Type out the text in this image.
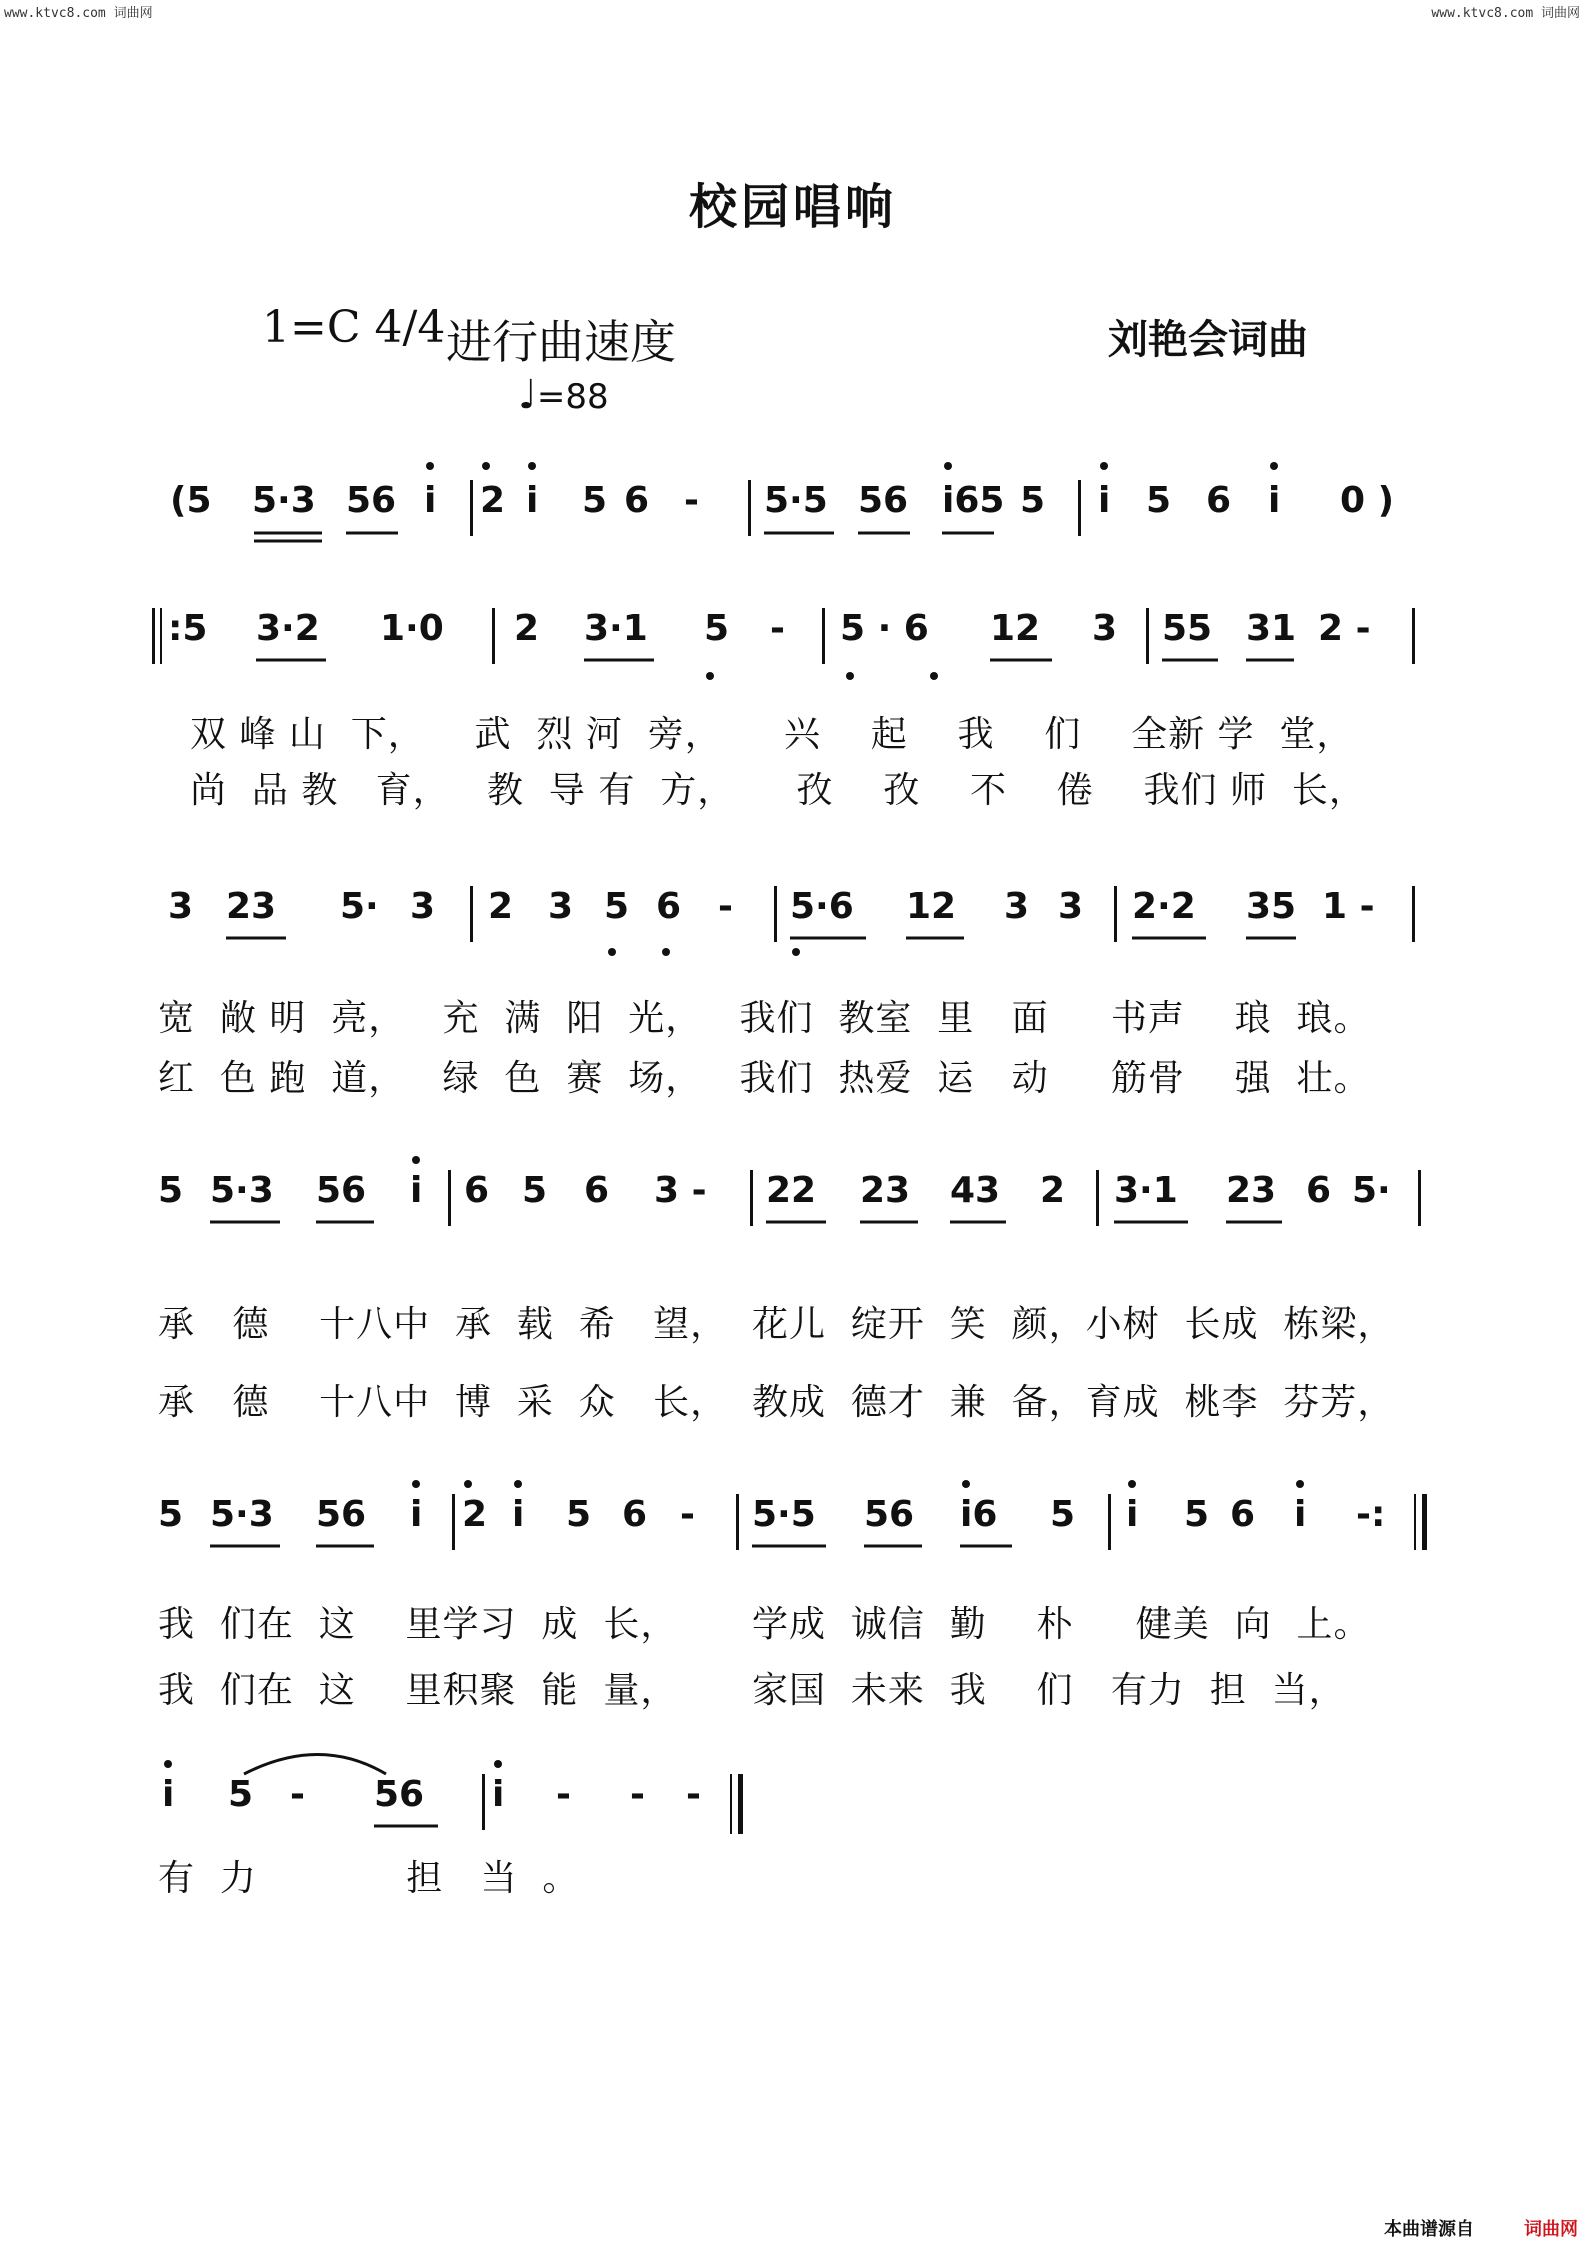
www.ktvc8.com 词曲网	www.ktvc8.com 词曲网
校园唱响
1=C 4/4 进行曲速度	刘艳会词曲
♩=88
(5 5·3 56 i 2 i 5 6 - 5·5 56 i65 5 i 5 6 i 0 )
:5 3·2 1·0 2 3·1 5 - 5 · 6 12 3 55 31 2 -
双 峰 山  下，    武  烈 河  旁，     兴    起    我    们    全新 学  堂，
尚  品 教   育，   教  导 有  方，     孜    孜    不    倦    我们 师  长，
3 23 5· 3 2 3 5 6 - 5·6 12 3 3 2·2 35 1 -
宽  敞 明  亮，   充  满  阳  光，   我们  教室  里   面     书声    琅  琅。
红  色 跑  道，   绿  色  赛  场，   我们  热爱  运   动     筋骨    强  壮。
5 5·3 56 i 6 5 6 3 - 22 23 43 2 3·1 23 6 5·
承   德    十八中  承  载  希   望，  花儿  绽开  笑  颜，小树  长成  栋梁，
承   德    十八中  博  采  众   长，  教成  德才  兼  备，育成  桃李  芬芳，
5 5·3 56 i 2 i 5 6 - 5·5 56 i6 5 i 5 6 i -:
我  们在  这    里学习  成  长，      学成  诚信  勤    朴     健美  向  上。
我  们在  这    里积聚  能  量，      家国  未来  我    们   有力  担  当，
i 5 - 56 i - - -
有  力            担   当  。
本曲谱源自	词曲网
